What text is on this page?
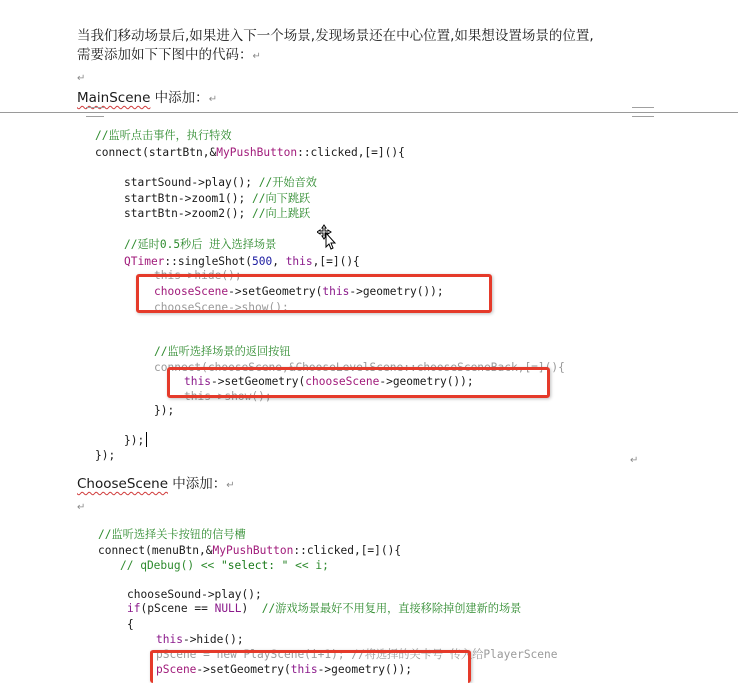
当我们移动场景后,如果进入下一个场景,发现场景还在中心位置,如果想设置场景的位置,
需要添加如下下图中的代码：↵
↵
MainScene 中添加：↵
//监听点击事件，执行特效
connect(startBtn,&MyPushButton::clicked,[=](){
startSound->play(); //开始音效
startBtn->zoom1(); //向下跳跃
startBtn->zoom2(); //向上跳跃
//延时0.5秒后 进入选择场景
QTimer::singleShot(500, this,[=](){
this->hide();
chooseScene->setGeometry(this->geometry());
chooseScene->show();
//监听选择场景的返回按钮
connect(chooseScene,&ChooseLevelScene::chooseSceneBack,[=](){
this->setGeometry(chooseScene->geometry());
this->show();
});
});
});	↵
ChooseScene 中添加：↵
↵
//监听选择关卡按钮的信号槽
connect(menuBtn,&MyPushButton::clicked,[=](){
// qDebug() << "select: " << i;
chooseSound->play();
if(pScene == NULL)  //游戏场景最好不用复用，直接移除掉创建新的场景
{
this->hide();
pScene = new PlayScene(i+1); //将选择的关卡号 传入给PlayerScene
pScene->setGeometry(this->geometry());
